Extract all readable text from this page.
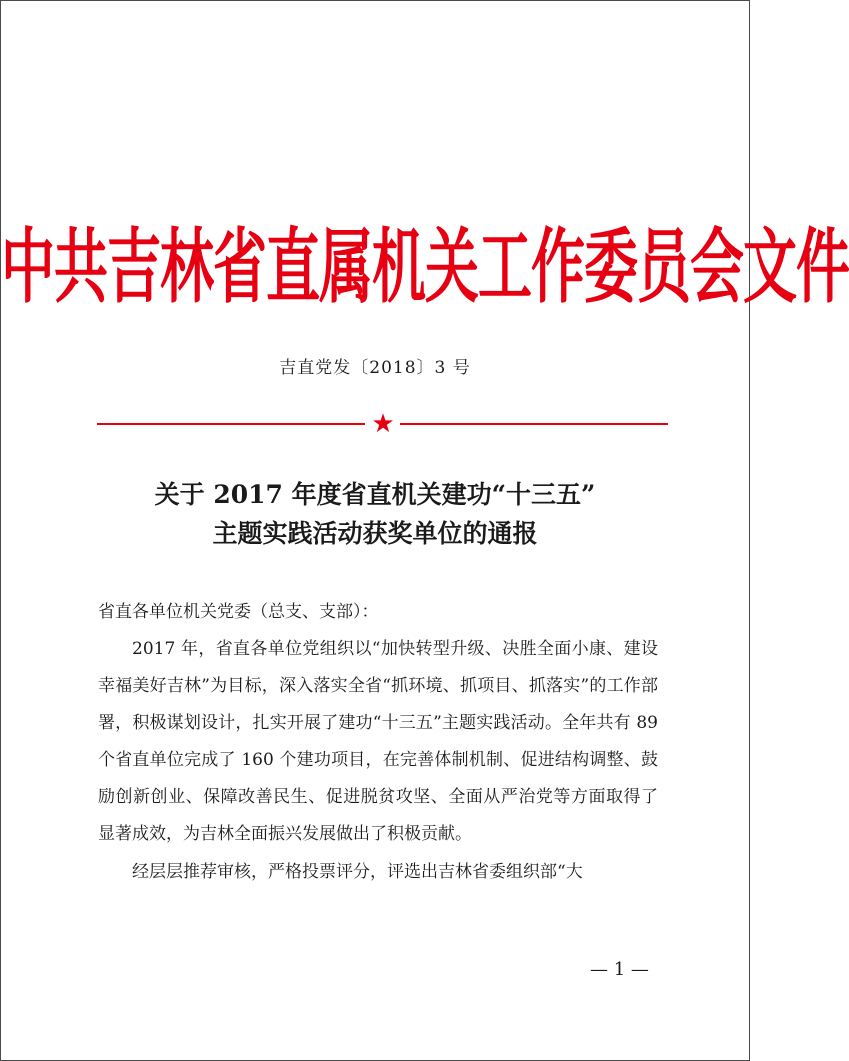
中共吉林省直属机关工作委员会文件
吉直党发〔2018〕3 号
★
关于 2017 年度省直机关建功“十三五”
主题实践活动获奖单位的通报
省直各单位机关党委（总支、支部）：

2017 年，省直各单位党组织以“加快转型升级、决胜全面小康、建设幸福美好吉林”为目标，深入落实全省“抓环境、抓项目、抓落实”的工作部署，积极谋划设计，扎实开展了建功“十三五”主题实践活动。全年共有 89 个省直单位完成了 160 个建功项目，在完善体制机制、促进结构调整、鼓励创新创业、保障改善民生、促进脱贫攻坚、全面从严治党等方面取得了显著成效，为吉林全面振兴发展做出了积极贡献。

经层层推荐审核，严格投票评分，评选出吉林省委组织部“大

— 1 —
